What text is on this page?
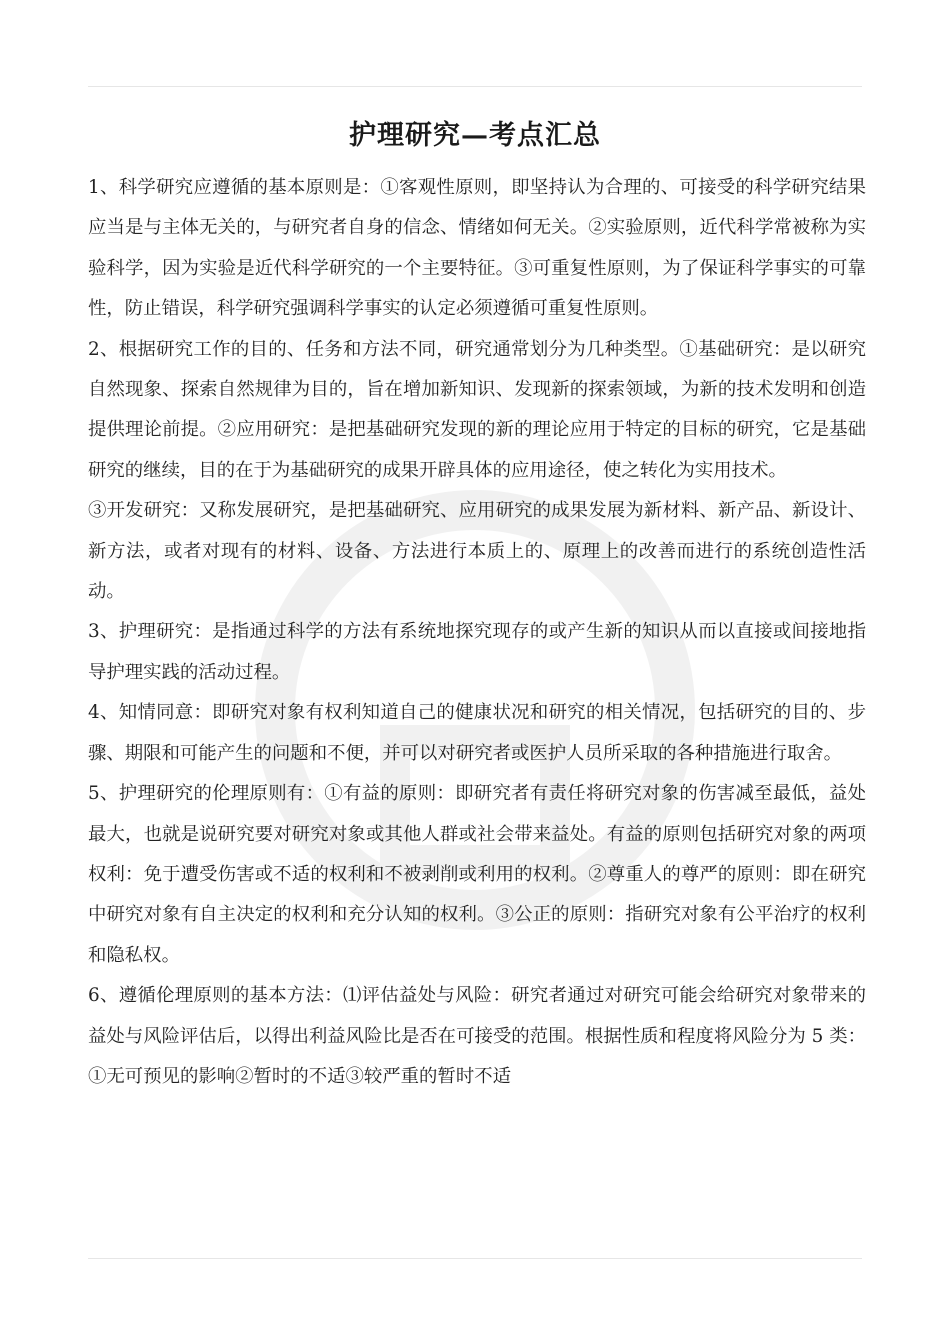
护理研究—考点汇总

1、科学研究应遵循的基本原则是：①客观性原则，即坚持认为合理的、可接受的科学研究结果应当是与主体无关的，与研究者自身的信念、情绪如何无关。②实验原则，近代科学常被称为实验科学，因为实验是近代科学研究的一个主要特征。③可重复性原则，为了保证科学事实的可靠性，防止错误，科学研究强调科学事实的认定必须遵循可重复性原则。

2、根据研究工作的目的、任务和方法不同，研究通常划分为几种类型。①基础研究：是以研究自然现象、探索自然规律为目的，旨在增加新知识、发现新的探索领域，为新的技术发明和创造提供理论前提。②应用研究：是把基础研究发现的新的理论应用于特定的目标的研究，它是基础研究的继续，目的在于为基础研究的成果开辟具体的应用途径，使之转化为实用技术。

③开发研究：又称发展研究，是把基础研究、应用研究的成果发展为新材料、新产品、新设计、新方法，或者对现有的材料、设备、方法进行本质上的、原理上的改善而进行的系统创造性活动。

3、护理研究：是指通过科学的方法有系统地探究现存的或产生新的知识从而以直接或间接地指导护理实践的活动过程。

4、知情同意：即研究对象有权利知道自己的健康状况和研究的相关情况，包括研究的目的、步骤、期限和可能产生的问题和不便，并可以对研究者或医护人员所采取的各种措施进行取舍。

5、护理研究的伦理原则有：①有益的原则：即研究者有责任将研究对象的伤害减至最低，益处最大，也就是说研究要对研究对象或其他人群或社会带来益处。有益的原则包括研究对象的两项权利：免于遭受伤害或不适的权利和不被剥削或利用的权利。②尊重人的尊严的原则：即在研究中研究对象有自主决定的权利和充分认知的权利。③公正的原则：指研究对象有公平治疗的权利和隐私权。

6、遵循伦理原则的基本方法：⑴评估益处与风险：研究者通过对研究可能会给研究对象带来的益处与风险评估后，以得出利益风险比是否在可接受的范围。根据性质和程度将风险分为 5 类：①无可预见的影响②暂时的不适③较严重的暂时不适
